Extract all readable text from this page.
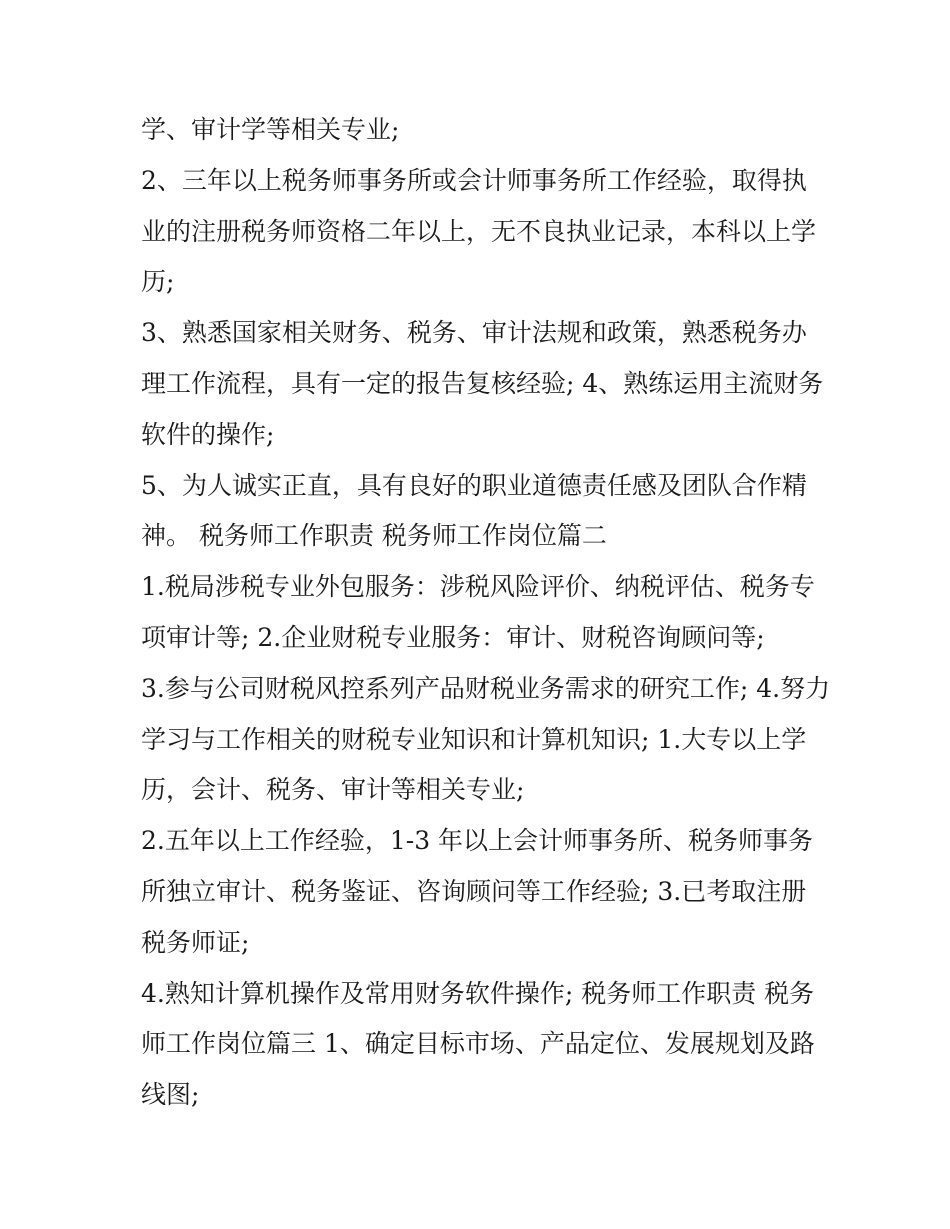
学、审计学等相关专业;
2、三年以上税务师事务所或会计师事务所工作经验，取得执
业的注册税务师资格二年以上，无不良执业记录，本科以上学
历;
3、熟悉国家相关财务、税务、审计法规和政策，熟悉税务办
理工作流程，具有一定的报告复核经验; 4、熟练运用主流财务
软件的操作;
5、为人诚实正直，具有良好的职业道德责任感及团队合作精
神。 税务师工作职责 税务师工作岗位篇二
1.税局涉税专业外包服务：涉税风险评价、纳税评估、税务专
项审计等; 2.企业财税专业服务：审计、财税咨询顾问等;
3.参与公司财税风控系列产品财税业务需求的研究工作; 4.努力
学习与工作相关的财税专业知识和计算机知识; 1.大专以上学
历，会计、税务、审计等相关专业;
2.五年以上工作经验，1-3 年以上会计师事务所、税务师事务
所独立审计、税务鉴证、咨询顾问等工作经验; 3.已考取注册
税务师证;
4.熟知计算机操作及常用财务软件操作; 税务师工作职责 税务
师工作岗位篇三 1、确定目标市场、产品定位、发展规划及路
线图;
